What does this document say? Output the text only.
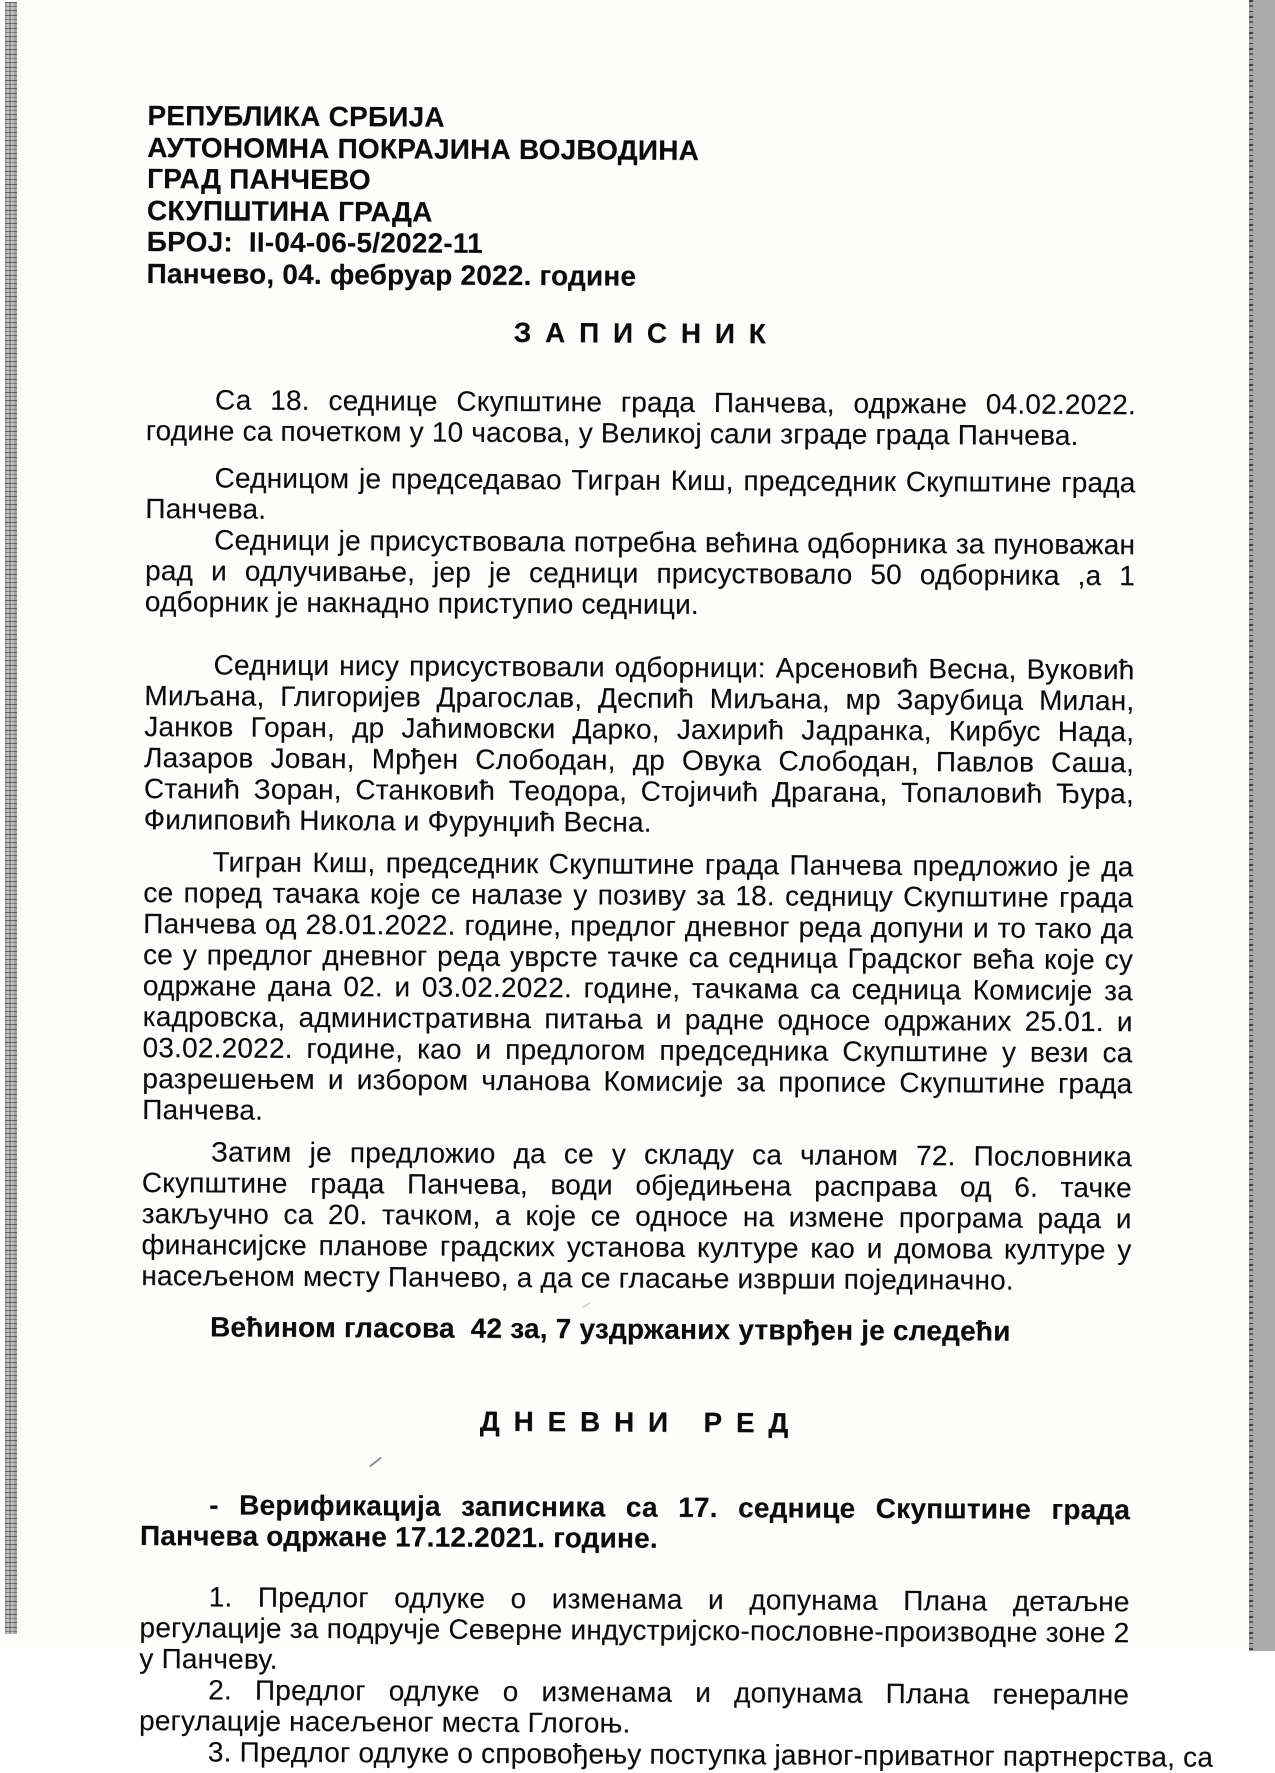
РЕПУБЛИКА СРБИЈА
АУТОНОМНА ПОКРАЈИНА ВОЈВОДИНА
ГРАД ПАНЧЕВО
СКУПШТИНА ГРАДА
БРОЈ:  II-04-06-5/2022-11
Панчево, 04. фебруар 2022. године
З А П И С Н И К

Са 18. седнице Скупштине града Панчева, одржане 04.02.2022. године са почетком у 10 часова, у Великој сали зграде града Панчева.

Седницом је председавао Тигран Киш, председник Скупштине града Панчева.

Седници је присуствовала потребна већина одборника за пуноважан рад и одлучивање, јер је седници присуствовало 50 одборника ,а 1 одборник је накнадно приступио седници.

Седници нису присуствовали одборници: Арсеновић Весна, Вуковић Миљана, Глигоријев Драгослав, Деспић Миљана, мр Зарубица Милан, Јанков Горан, др Јаћимовски Дарко, Јахирић Јадранка, Кирбус Нада, Лазаров Јован, Мрђен Слободан, др Овука Слободан, Павлов Саша, Станић Зоран, Станковић Теодора, Стојичић Драгана, Топаловић Ђура, Филиповић Никола и Фурунџић Весна.

Тигран Киш, председник Скупштине града Панчева предложио је да се поред тачака које се налазе у позиву за 18. седницу Скупштине града Панчева од 28.01.2022. године, предлог дневног реда допуни и то тако да се у предлог дневног реда уврсте тачке са седница Градског већа које су одржане дана 02. и 03.02.2022. године, тачкама са седница Комисије за кадровска, административна питања и радне односе одржаних 25.01. и 03.02.2022. године, као и предлогом председника Скупштине у вези са разрешењем и избором чланова Комисије за прописе Скупштине града Панчева.

Затим је предложио да се у складу са чланом 72. Пословника Скупштине града Панчева, води обједињена расправа од 6. тачке закључно са 20. тачком, а које се односе на измене програма рада и финансијске планове градских установа културе као и домова културе у насељеном месту Панчево, а да се гласање изврши појединачно.

Већином гласова  42 за, 7 уздржаних утврђен је следећи

Д Н Е В Н И   Р Е Д

- Верификација записника са 17. седнице Скупштине града Панчева одржане 17.12.2021. године.

1. Предлог одлуке о изменама и допунама Плана детаљне регулације за подручје Северне индустријско-пословне-производне зоне 2 у Панчеву.

2. Предлог одлуке о изменама и допунама Плана генералне регулације насељеног места Глогоњ.

3. Предлог одлуке о спровођењу поступка јавног-приватног партнерства, са
